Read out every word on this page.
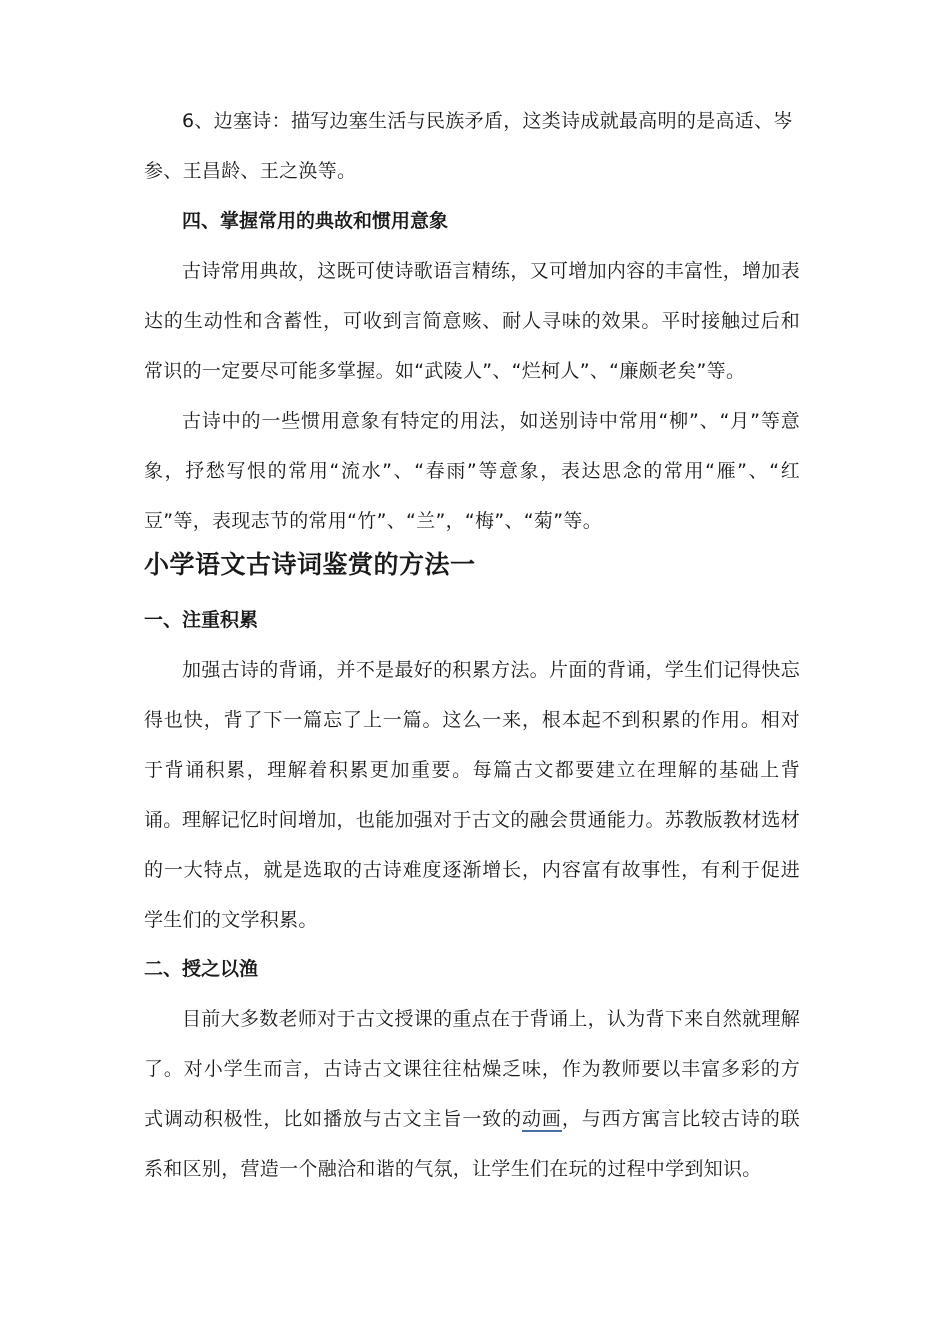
6、边塞诗：描写边塞生活与民族矛盾，这类诗成就最高明的是高适、岑

参、王昌龄、王之涣等。

四、掌握常用的典故和惯用意象

古诗常用典故，这既可使诗歌语言精练，又可增加内容的丰富性，增加表达的生动性和含蓄性，可收到言简意赅、耐人寻味的效果。平时接触过后和常识的一定要尽可能多掌握。如“武陵人”、“烂柯人”、“廉颇老矣”等。

古诗中的一些惯用意象有特定的用法，如送别诗中常用“柳”、“月”等意象，抒愁写恨的常用“流水”、“春雨”等意象，表达思念的常用“雁”、“红豆”等，表现志节的常用“竹”、“兰”，“梅”、“菊”等。

小学语文古诗词鉴赏的方法一

一、注重积累

加强古诗的背诵，并不是最好的积累方法。片面的背诵，学生们记得快忘得也快，背了下一篇忘了上一篇。这么一来，根本起不到积累的作用。相对于背诵积累，理解着积累更加重要。每篇古文都要建立在理解的基础上背诵。 理解记忆时间增加，也能加强对于古文的融会贯通能力。苏教版教材选材的一大特点，就是选取的古诗难度逐渐增长，内容富有故事性，有利于促进学生们的文学积累。

二、授之以渔

目前大多数老师对于古文授课的重点在于背诵上，认为背下来自然就理解了。对小学生而言，古诗古文课往往枯燥乏味，作为教师要以丰富多彩的方式调动积极性，比如播放与古文主旨一致的动画，与西方寓言比较古诗的联系和区别，营造一个融洽和谐的气氛，让学生们在玩的过程中学到知识。
